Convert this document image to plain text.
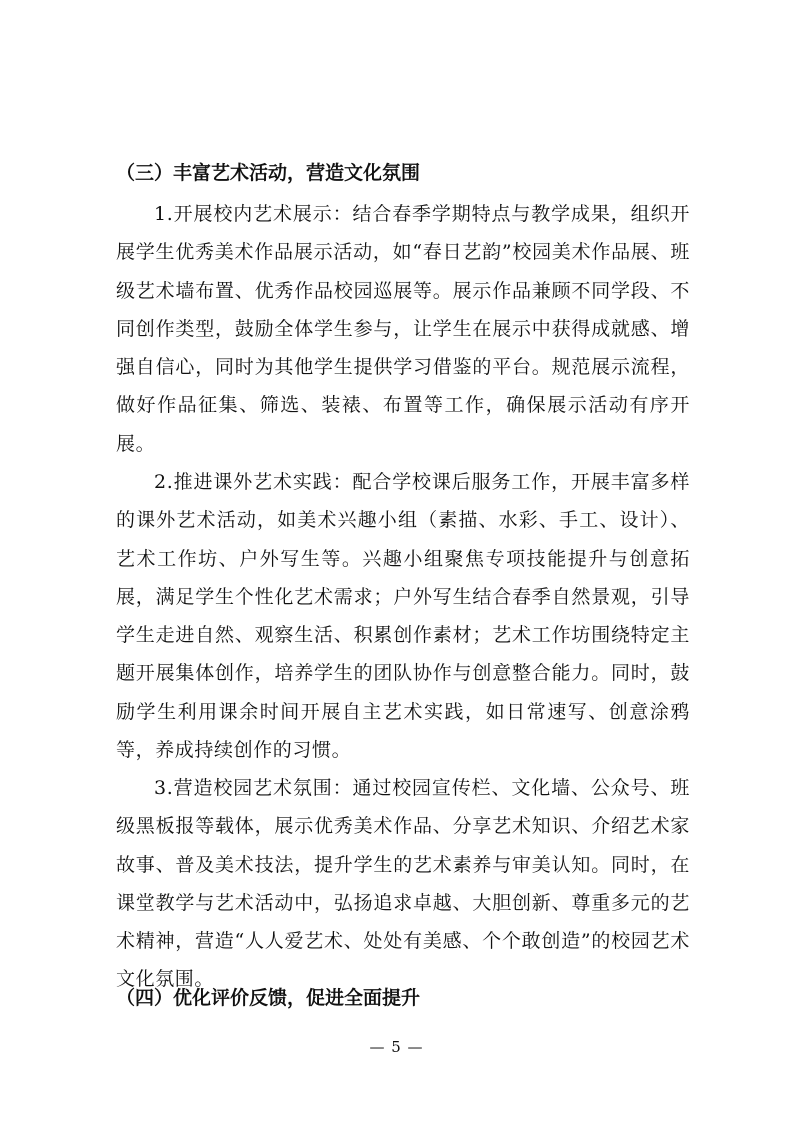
（三）丰富艺术活动，营造文化氛围

1.开展校内艺术展示：结合春季学期特点与教学成果，组织开展学生优秀美术作品展示活动，如“春日艺韵”校园美术作品展、班级艺术墙布置、优秀作品校园巡展等。展示作品兼顾不同学段、不同创作类型，鼓励全体学生参与，让学生在展示中获得成就感、增强自信心，同时为其他学生提供学习借鉴的平台。规范展示流程，做好作品征集、筛选、装裱、布置等工作，确保展示活动有序开展。

2.推进课外艺术实践：配合学校课后服务工作，开展丰富多样的课外艺术活动，如美术兴趣小组（素描、水彩、手工、设计）、艺术工作坊、户外写生等。兴趣小组聚焦专项技能提升与创意拓展，满足学生个性化艺术需求；户外写生结合春季自然景观，引导学生走进自然、观察生活、积累创作素材；艺术工作坊围绕特定主题开展集体创作，培养学生的团队协作与创意整合能力。同时，鼓励学生利用课余时间开展自主艺术实践，如日常速写、创意涂鸦等，养成持续创作的习惯。

3.营造校园艺术氛围：通过校园宣传栏、文化墙、公众号、班级黑板报等载体，展示优秀美术作品、分享艺术知识、介绍艺术家故事、普及美术技法，提升学生的艺术素养与审美认知。同时，在课堂教学与艺术活动中，弘扬追求卓越、大胆创新、尊重多元的艺术精神，营造“人人爱艺术、处处有美感、个个敢创造”的校园艺术文化氛围。

（四）优化评价反馈，促进全面提升
— 5 —
